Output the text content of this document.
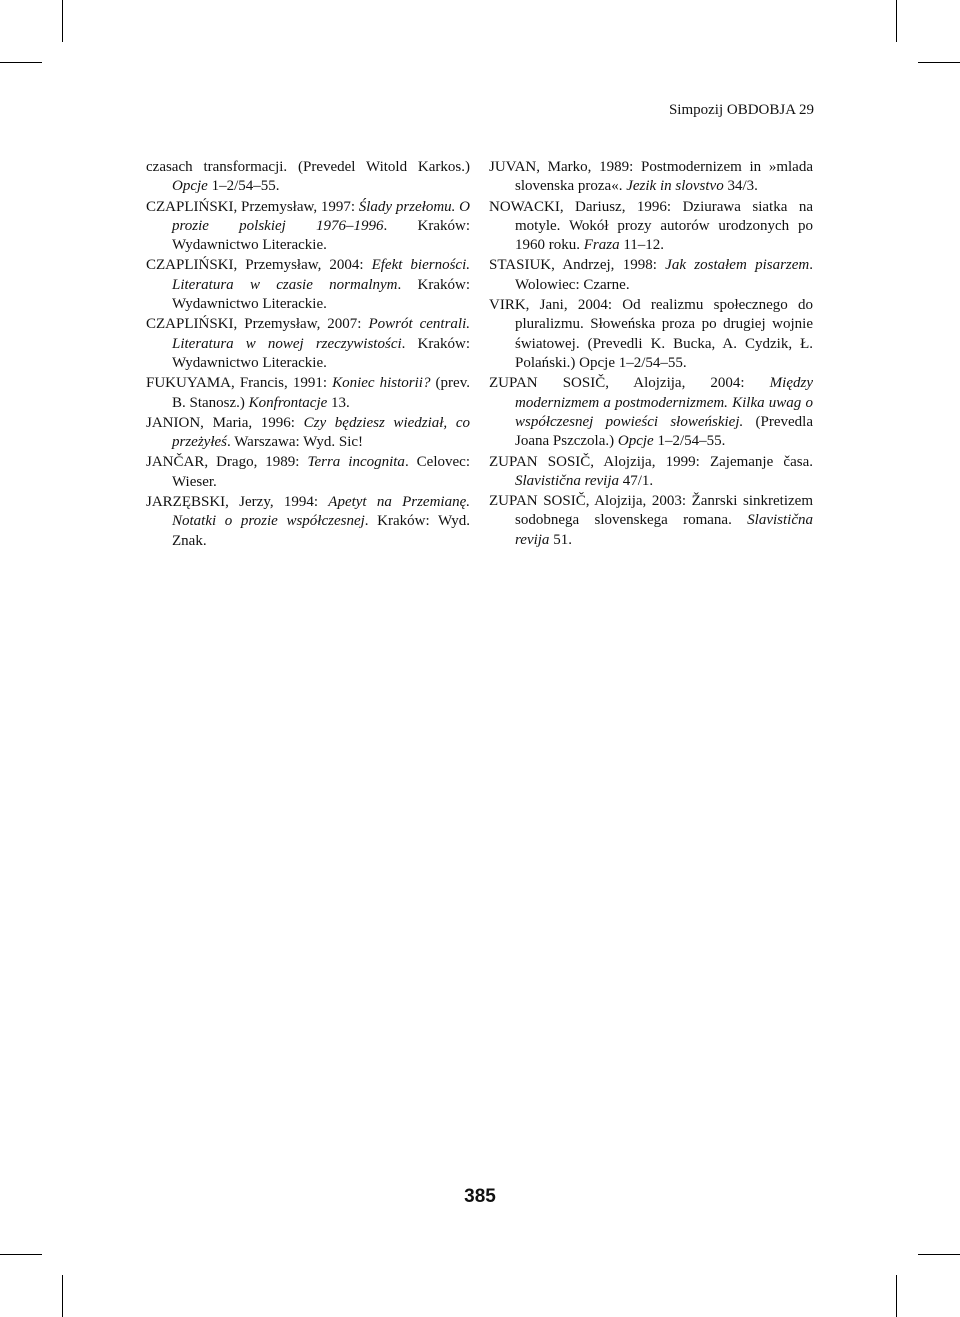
Simpozij OBDOBJA 29

czasach transformacji. (Prevedel Witold Karkos.) Opcje 1–2/54–55.

CZAPLIŃSKI, Przemysław, 1997: Ślady przełomu. O prozie polskiej 1976–1996. Kraków: Wydawnictwo Literackie.

CZAPLIŃSKI, Przemysław, 2004: Efekt bierności. Literatura w czasie normalnym. Kraków: Wydawnictwo Literackie.

CZAPLIŃSKI, Przemysław, 2007: Powrót centrali. Literatura w nowej rzeczywistości. Kraków: Wydawnictwo Literackie.

FUKUYAMA, Francis, 1991: Koniec historii? (prev. B. Stanosz.) Konfrontacje 13.

JANION, Maria, 1996: Czy będziesz wiedział, co przeżyłeś. Warszawa: Wyd. Sic!

JANČAR, Drago, 1989: Terra incognita. Celovec: Wieser.

JARZĘBSKI, Jerzy, 1994: Apetyt na Przemianę. Notatki o prozie współczesnej. Kraków: Wyd. Znak.

JUVAN, Marko, 1989: Postmodernizem in »mlada slovenska proza«. Jezik in slovstvo 34/3.

NOWACKI, Dariusz, 1996: Dziurawa siatka na motyle. Wokół prozy autorów urodzonych po 1960 roku. Fraza 11–12.

STASIUK, Andrzej, 1998: Jak zostałem pisarzem. Wolowiec: Czarne.

VIRK, Jani, 2004: Od realizmu społecznego do pluralizmu. Słoweńska proza po drugiej wojnie światowej. (Prevedli K. Bucka, A. Cydzik, Ł. Polański.) Opcje 1–2/54–55.

ZUPAN SOSIČ, Alojzija, 2004: Między modernizmem a postmodernizmem. Kilka uwag o współczesnej powieści słoweńskiej. (Prevedla Joana Pszczola.) Opcje 1–2/54–55.

ZUPAN SOSIČ, Alojzija, 1999: Zajemanje časa. Slavistična revija 47/1.

ZUPAN SOSIČ, Alojzija, 2003: Žanrski sinkretizem sodobnega slovenskega romana. Slavistična revija 51.

385
